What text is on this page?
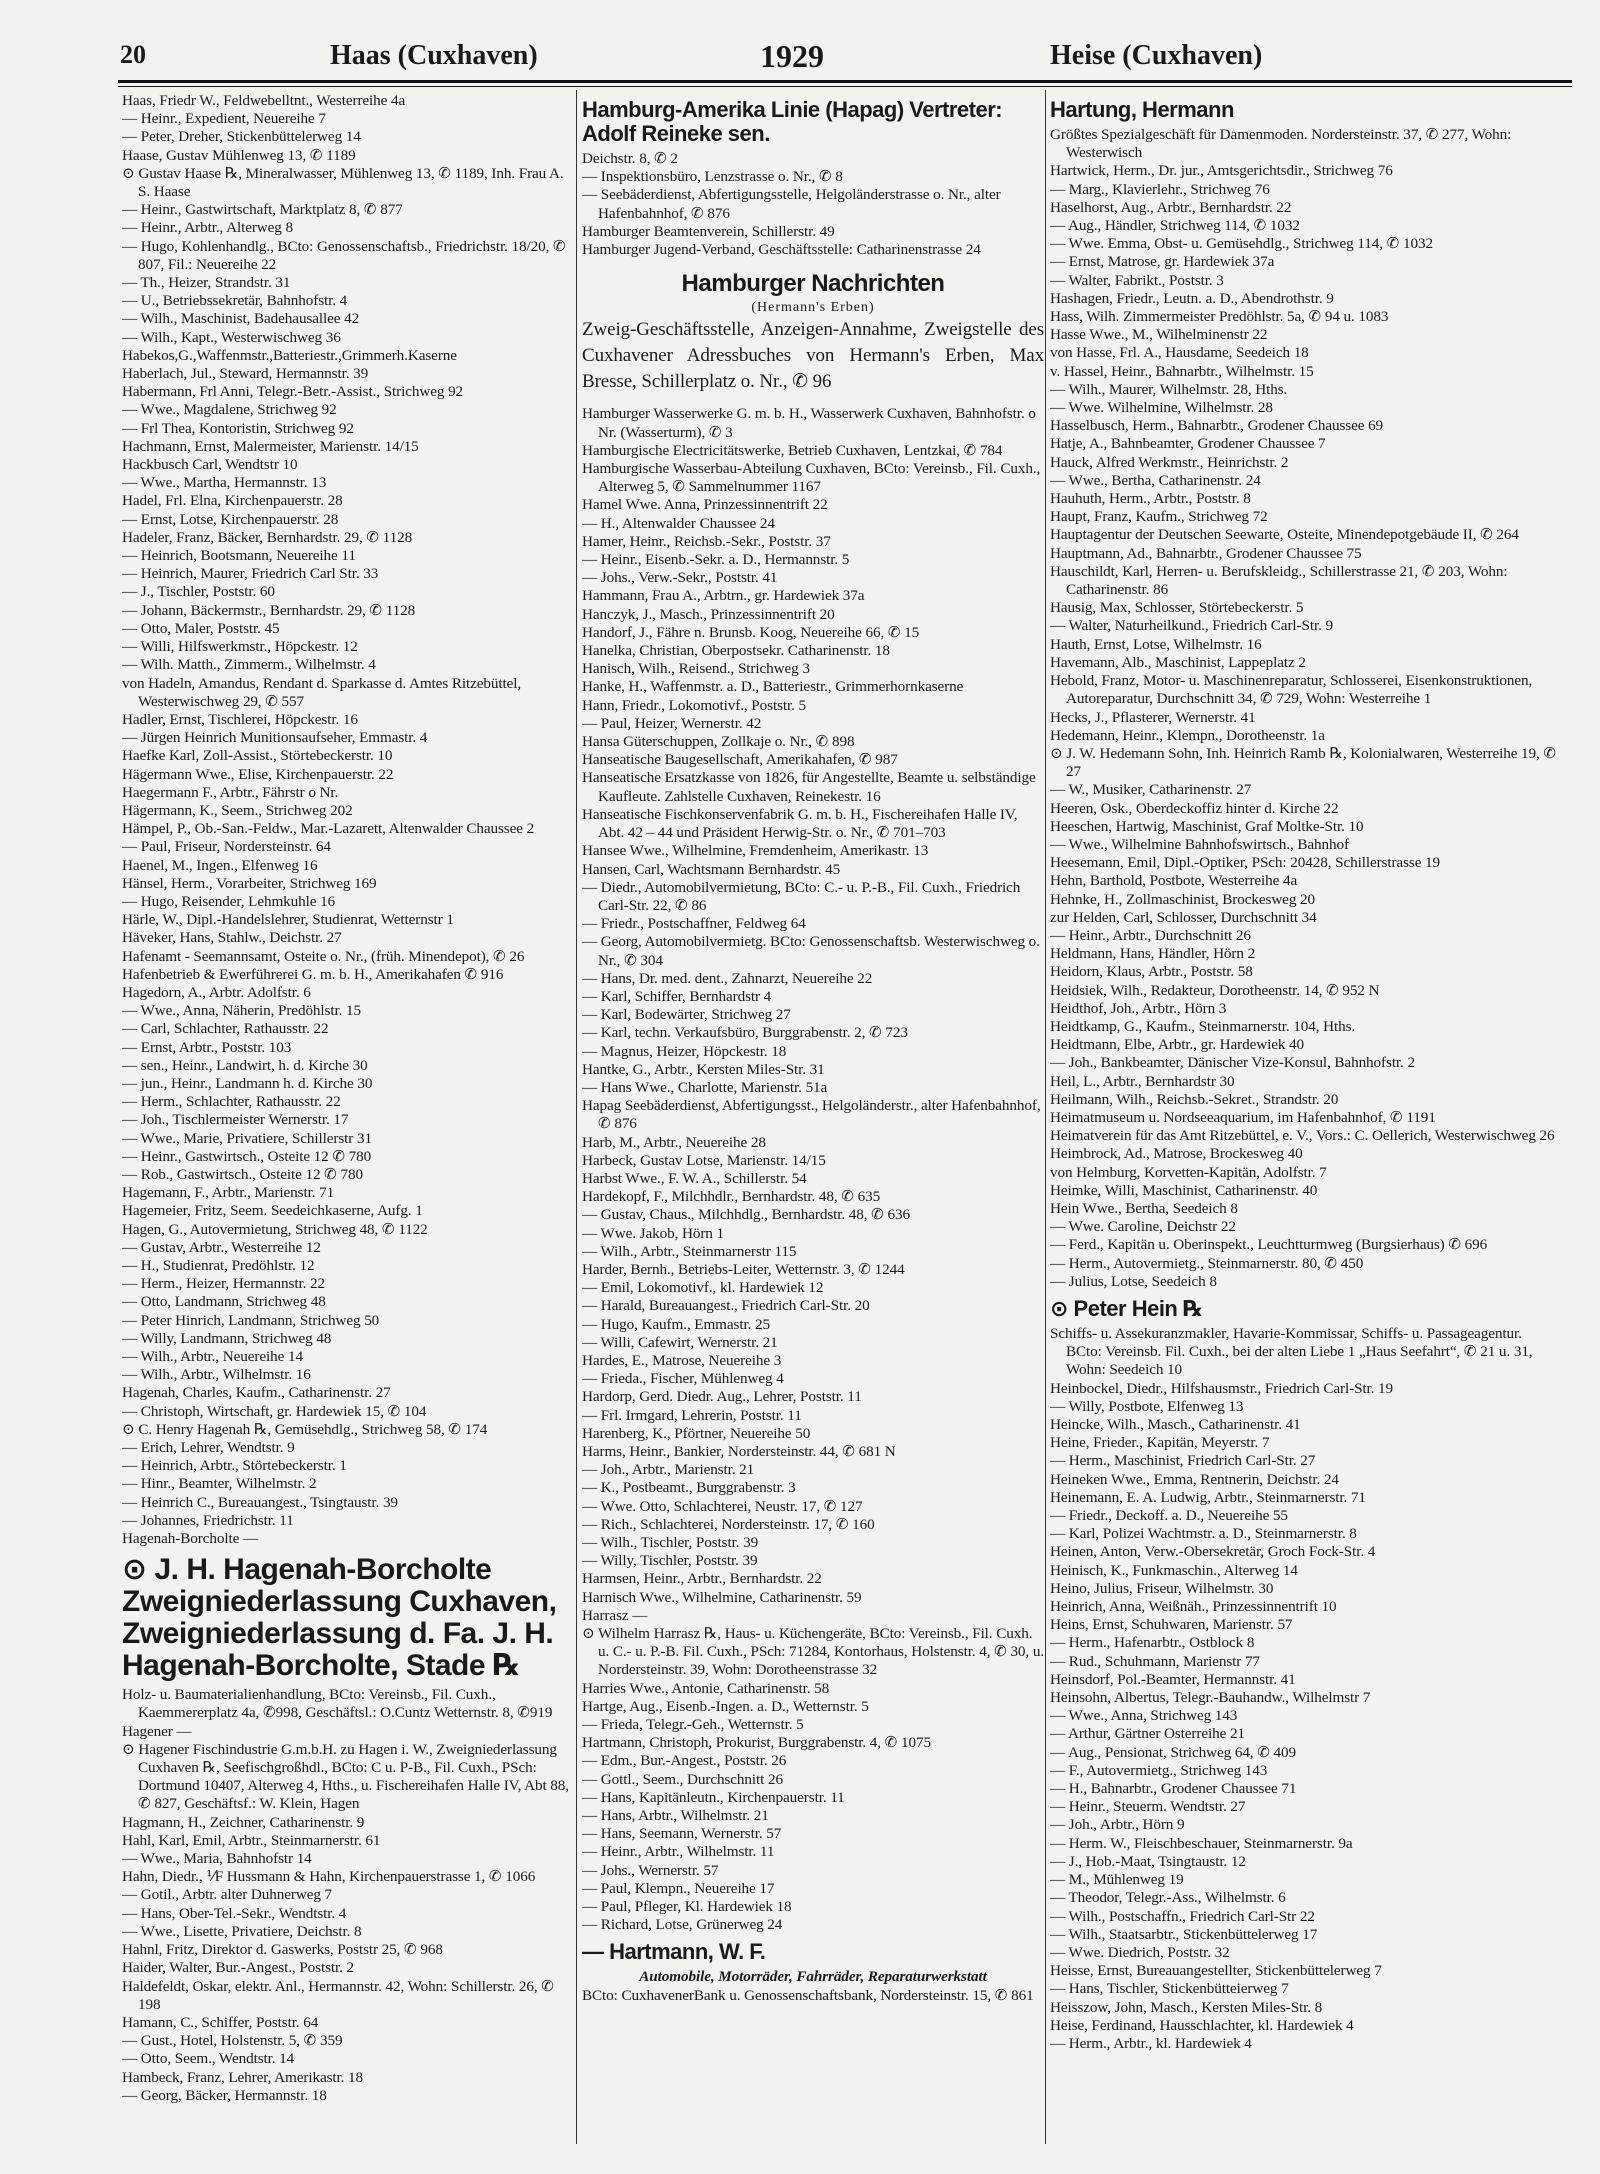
20	Haas (Cuxhaven)	1929	Heise (Cuxhaven)

Haas, Friedr W., Feldwebelltnt., Westerreihe 4a

— Heinr., Expedient, Neuereihe 7

— Peter, Dreher, Stickenbüttelerweg 14

Haase, Gustav Mühlenweg 13, ✆ 1189

⊙ Gustav Haase ℞, Mineralwasser, Mühlenweg 13, ✆ 1189, Inh. Frau A. S. Haase

— Heinr., Gastwirtschaft, Marktplatz 8, ✆ 877

— Heinr., Arbtr., Alterweg 8

— Hugo, Kohlenhandlg., BCto: Genossenschaftsb., Friedrichstr. 18/20, ✆ 807, Fil.: Neuereihe 22

— Th., Heizer, Strandstr. 31

— U., Betriebssekretär, Bahnhofstr. 4

— Wilh., Maschinist, Badehausallee 42

— Wilh., Kapt., Westerwischweg 36

Habekos,G.,Waffenmstr.,Batteriestr.,Grimmerh.Kaserne

Haberlach, Jul., Steward, Hermannstr. 39

Habermann, Frl Anni, Telegr.-Betr.-Assist., Strichweg 92

— Wwe., Magdalene, Strichweg 92

— Frl Thea, Kontoristin, Strichweg 92

Hachmann, Ernst, Malermeister, Marienstr. 14/15

Hackbusch Carl, Wendtstr 10

— Wwe., Martha, Hermannstr. 13

Hadel, Frl. Elna, Kirchenpauerstr. 28

— Ernst, Lotse, Kirchenpauerstr. 28

Hadeler, Franz, Bäcker, Bernhardstr. 29, ✆ 1128

— Heinrich, Bootsmann, Neuereihe 11

— Heinrich, Maurer, Friedrich Carl Str. 33

— J., Tischler, Poststr. 60

— Johann, Bäckermstr., Bernhardstr. 29, ✆ 1128

— Otto, Maler, Poststr. 45

— Willi, Hilfswerkmstr., Höpckestr. 12

— Wilh. Matth., Zimmerm., Wilhelmstr. 4

von Hadeln, Amandus, Rendant d. Sparkasse d. Amtes Ritzebüttel, Westerwischweg 29, ✆ 557

Hadler, Ernst, Tischlerei, Höpckestr. 16

— Jürgen Heinrich Munitionsaufseher, Emmastr. 4

Haefke Karl, Zoll-Assist., Störtebeckerstr. 10

Hägermann Wwe., Elise, Kirchenpauerstr. 22

Haegermann F., Arbtr., Fährstr o Nr.

Hägermann, K., Seem., Strichweg 202

Hämpel, P., Ob.-San.-Feldw., Mar.-Lazarett, Altenwalder Chaussee 2

— Paul, Friseur, Nordersteinstr. 64

Haenel, M., Ingen., Elfenweg 16

Hänsel, Herm., Vorarbeiter, Strichweg 169

— Hugo, Reisender, Lehmkuhle 16

Härle, W., Dipl.-Handelslehrer, Studienrat, Wetternstr 1

Häveker, Hans, Stahlw., Deichstr. 27

Hafenamt - Seemannsamt, Osteite o. Nr., (früh. Minendepot), ✆ 26

Hafenbetrieb & Ewerführerei G. m. b. H., Amerikahafen ✆ 916

Hagedorn, A., Arbtr. Adolfstr. 6

— Wwe., Anna, Näherin, Predöhlstr. 15

— Carl, Schlachter, Rathausstr. 22

— Ernst, Arbtr., Poststr. 103

— sen., Heinr., Landwirt, h. d. Kirche 30

— jun., Heinr., Landmann h. d. Kirche 30

— Herm., Schlachter, Rathausstr. 22

— Joh., Tischlermeister Wernerstr. 17

— Wwe., Marie, Privatiere, Schillerstr 31

— Heinr., Gastwirtsch., Osteite 12 ✆ 780

— Rob., Gastwirtsch., Osteite 12 ✆ 780

Hagemann, F., Arbtr., Marienstr. 71

Hagemeier, Fritz, Seem. Seedeichkaserne, Aufg. 1

Hagen, G., Autovermietung, Strichweg 48, ✆ 1122

— Gustav, Arbtr., Westerreihe 12

— H., Studienrat, Predöhlstr. 12

— Herm., Heizer, Hermannstr. 22

— Otto, Landmann, Strichweg 48

— Peter Hinrich, Landmann, Strichweg 50

— Willy, Landmann, Strichweg 48

— Wilh., Arbtr., Neuereihe 14

— Wilh., Arbtr., Wilhelmstr. 16

Hagenah, Charles, Kaufm., Catharinenstr. 27

— Christoph, Wirtschaft, gr. Hardewiek 15, ✆ 104

⊙ C. Henry Hagenah ℞, Gemüsehdlg., Strichweg 58, ✆ 174

— Erich, Lehrer, Wendtstr. 9

— Heinrich, Arbtr., Störtebeckerstr. 1

— Hinr., Beamter, Wilhelmstr. 2

— Heinrich C., Bureauangest., Tsingtaustr. 39

— Johannes, Friedrichstr. 11

Hagenah-Borcholte —

⊙ J. H. Hagenah-Borcholte Zweigniederlassung Cuxhaven, Zweigniederlassung d. Fa. J. H. Hagenah-Borcholte, Stade ℞

Holz- u. Baumaterialienhandlung, BCto: Vereinsb., Fil. Cuxh., Kaemmererplatz 4a, ✆998, Geschäftsl.: O.Cuntz Wetternstr. 8, ✆919

Hagener —

⊙ Hagener Fischindustrie G.m.b.H. zu Hagen i. W., Zweigniederlassung Cuxhaven ℞, Seefischgroßhdl., BCto: C u. P-B., Fil. Cuxh., PSch: Dortmund 10407, Alterweg 4, Hths., u. Fischereihafen Halle IV, Abt 88, ✆ 827, Geschäftsf.: W. Klein, Hagen

Hagmann, H., Zeichner, Catharinenstr. 9

Hahl, Karl, Emil, Arbtr., Steinmarnerstr. 61

— Wwe., Maria, Bahnhofstr 14

Hahn, Diedr., ⅟F Hussmann & Hahn, Kirchenpauerstrasse 1, ✆ 1066

— Gotil., Arbtr. alter Duhnerweg 7

— Hans, Ober-Tel.-Sekr., Wendtstr. 4

— Wwe., Lisette, Privatiere, Deichstr. 8

Hahnl, Fritz, Direktor d. Gaswerks, Poststr 25, ✆ 968

Haider, Walter, Bur.-Angest., Poststr. 2

Haldefeldt, Oskar, elektr. Anl., Hermannstr. 42, Wohn: Schillerstr. 26, ✆ 198

Hamann, C., Schiffer, Poststr. 64

— Gust., Hotel, Holstenstr. 5, ✆ 359

— Otto, Seem., Wendtstr. 14

Hambeck, Franz, Lehrer, Amerikastr. 18

— Georg, Bäcker, Hermannstr. 18

Hamburg-Amerika Linie (Hapag) Vertreter: Adolf Reineke sen.

Deichstr. 8, ✆ 2

— Inspektionsbüro, Lenzstrasse o. Nr., ✆ 8

— Seebäderdienst, Abfertigungsstelle, Helgoländerstrasse o. Nr., alter Hafenbahnhof, ✆ 876

Hamburger Beamtenverein, Schillerstr. 49

Hamburger Jugend-Verband, Geschäftsstelle: Catharinenstrasse 24

Hamburger Nachrichten
(Hermann's Erben)
Zweig-Geschäftsstelle, Anzeigen-Annahme, Zweigstelle des Cuxhavener Adressbuches von Hermann's Erben, Max Bresse, Schillerplatz o. Nr., ✆ 96

Hamburger Wasserwerke G. m. b. H., Wasserwerk Cuxhaven, Bahnhofstr. o Nr. (Wasserturm), ✆ 3

Hamburgische Electricitätswerke, Betrieb Cuxhaven, Lentzkai, ✆ 784

Hamburgische Wasserbau-Abteilung Cuxhaven, BCto: Vereinsb., Fil. Cuxh., Alterweg 5, ✆ Sammelnummer 1167

Hamel Wwe. Anna, Prinzessinnentrift 22

— H., Altenwalder Chaussee 24

Hamer, Heinr., Reichsb.-Sekr., Poststr. 37

— Heinr., Eisenb.-Sekr. a. D., Hermannstr. 5

— Johs., Verw.-Sekr., Poststr. 41

Hammann, Frau A., Arbtrn., gr. Hardewiek 37a

Hanczyk, J., Masch., Prinzessinnentrift 20

Handorf, J., Fähre n. Brunsb. Koog, Neuereihe 66, ✆ 15

Hanelka, Christian, Oberpostsekr. Catharinenstr. 18

Hanisch, Wilh., Reisend., Strichweg 3

Hanke, H., Waffenmstr. a. D., Batteriestr., Grimmerhornkaserne

Hann, Friedr., Lokomotivf., Poststr. 5

— Paul, Heizer, Wernerstr. 42

Hansa Güterschuppen, Zollkaje o. Nr., ✆ 898

Hanseatische Baugesellschaft, Amerikahafen, ✆ 987

Hanseatische Ersatzkasse von 1826, für Angestellte, Beamte u. selbständige Kaufleute. Zahlstelle Cuxhaven, Reinekestr. 16

Hanseatische Fischkonservenfabrik G. m. b. H., Fischereihafen Halle IV, Abt. 42 – 44 und Präsident Herwig-Str. o. Nr., ✆ 701–703

Hansee Wwe., Wilhelmine, Fremdenheim, Amerikastr. 13

Hansen, Carl, Wachtsmann Bernhardstr. 45

— Diedr., Automobilvermietung, BCto: C.- u. P.-B., Fil. Cuxh., Friedrich Carl-Str. 22, ✆ 86

— Friedr., Postschaffner, Feldweg 64

— Georg, Automobilvermietg. BCto: Genossenschaftsb. Westerwischweg o. Nr., ✆ 304

— Hans, Dr. med. dent., Zahnarzt, Neuereihe 22

— Karl, Schiffer, Bernhardstr 4

— Karl, Bodewärter, Strichweg 27

— Karl, techn. Verkaufsbüro, Burggrabenstr. 2, ✆ 723

— Magnus, Heizer, Höpckestr. 18

Hantke, G., Arbtr., Kersten Miles-Str. 31

— Hans Wwe., Charlotte, Marienstr. 51a

Hapag Seebäderdienst, Abfertigungsst., Helgoländerstr., alter Hafenbahnhof, ✆ 876

Harb, M., Arbtr., Neuereihe 28

Harbeck, Gustav Lotse, Marienstr. 14/15

Harbst Wwe., F. W. A., Schillerstr. 54

Hardekopf, F., Milchhdlr., Bernhardstr. 48, ✆ 635

— Gustav, Chaus., Milchhdlg., Bernhardstr. 48, ✆ 636

— Wwe. Jakob, Hörn 1

— Wilh., Arbtr., Steinmarnerstr 115

Harder, Bernh., Betriebs-Leiter, Wetternstr. 3, ✆ 1244

— Emil, Lokomotivf., kl. Hardewiek 12

— Harald, Bureauangest., Friedrich Carl-Str. 20

— Hugo, Kaufm., Emmastr. 25

— Willi, Cafewirt, Wernerstr. 21

Hardes, E., Matrose, Neuereihe 3

— Frieda., Fischer, Mühlenweg 4

Hardorp, Gerd. Diedr. Aug., Lehrer, Poststr. 11

— Frl. Irmgard, Lehrerin, Poststr. 11

Harenberg, K., Pförtner, Neuereihe 50

Harms, Heinr., Bankier, Nordersteinstr. 44, ✆ 681 N

— Joh., Arbtr., Marienstr. 21

— K., Postbeamt., Burggrabenstr. 3

— Wwe. Otto, Schlachterei, Neustr. 17, ✆ 127

— Rich., Schlachterei, Nordersteinstr. 17, ✆ 160

— Wilh., Tischler, Poststr. 39

— Willy, Tischler, Poststr. 39

Harmsen, Heinr., Arbtr., Bernhardstr. 22

Harnisch Wwe., Wilhelmine, Catharinenstr. 59

Harrasz —

⊙ Wilhelm Harrasz ℞, Haus- u. Küchengeräte, BCto: Vereinsb., Fil. Cuxh. u. C.- u. P.-B. Fil. Cuxh., PSch: 71284, Kontorhaus, Holstenstr. 4, ✆ 30, u. Nordersteinstr. 39, Wohn: Dorotheenstrasse 32

Harries Wwe., Antonie, Catharinenstr. 58

Hartge, Aug., Eisenb.-Ingen. a. D., Wetternstr. 5

— Frieda, Telegr.-Geh., Wetternstr. 5

Hartmann, Christoph, Prokurist, Burggrabenstr. 4, ✆ 1075

— Edm., Bur.-Angest., Poststr. 26

— Gottl., Seem., Durchschnitt 26

— Hans, Kapitänleutn., Kirchenpauerstr. 11

— Hans, Arbtr., Wilhelmstr. 21

— Hans, Seemann, Wernerstr. 57

— Heinr., Arbtr., Wilhelmstr. 11

— Johs., Wernerstr. 57

— Paul, Klempn., Neuereihe 17

— Paul, Pfleger, Kl. Hardewiek 18

— Richard, Lotse, Grünerweg 24

— Hartmann, W. F.
Automobile, Motorräder, Fahrräder, Reparaturwerkstatt

BCto: CuxhavenerBank u. Genossenschaftsbank, Nordersteinstr. 15, ✆ 861

Hartung, Hermann

Größtes Spezialgeschäft für Damenmoden. Nordersteinstr. 37, ✆ 277, Wohn: Westerwisch

Hartwick, Herm., Dr. jur., Amtsgerichtsdir., Strichweg 76

— Marg., Klavierlehr., Strichweg 76

Haselhorst, Aug., Arbtr., Bernhardstr. 22

— Aug., Händler, Strichweg 114, ✆ 1032

— Wwe. Emma, Obst- u. Gemüsehdlg., Strichweg 114, ✆ 1032

— Ernst, Matrose, gr. Hardewiek 37a

— Walter, Fabrikt., Poststr. 3

Hashagen, Friedr., Leutn. a. D., Abendrothstr. 9

Hass, Wilh. Zimmermeister Predöhlstr. 5a, ✆ 94 u. 1083

Hasse Wwe., M., Wilhelminenstr 22

von Hasse, Frl. A., Hausdame, Seedeich 18

v. Hassel, Heinr., Bahnarbtr., Wilhelmstr. 15

— Wilh., Maurer, Wilhelmstr. 28, Hths.

— Wwe. Wilhelmine, Wilhelmstr. 28

Hasselbusch, Herm., Bahnarbtr., Grodener Chaussee 69

Hatje, A., Bahnbeamter, Grodener Chaussee 7

Hauck, Alfred Werkmstr., Heinrichstr. 2

— Wwe., Bertha, Catharinenstr. 24

Hauhuth, Herm., Arbtr., Poststr. 8

Haupt, Franz, Kaufm., Strichweg 72

Hauptagentur der Deutschen Seewarte, Osteite, Minendepotgebäude II, ✆ 264

Hauptmann, Ad., Bahnarbtr., Grodener Chaussee 75

Hauschildt, Karl, Herren- u. Berufskleidg., Schillerstrasse 21, ✆ 203, Wohn: Catharinenstr. 86

Hausig, Max, Schlosser, Störtebeckerstr. 5

— Walter, Naturheilkund., Friedrich Carl-Str. 9

Hauth, Ernst, Lotse, Wilhelmstr. 16

Havemann, Alb., Maschinist, Lappeplatz 2

Hebold, Franz, Motor- u. Maschinenreparatur, Schlosserei, Eisenkonstruktionen, Autoreparatur, Durchschnitt 34, ✆ 729, Wohn: Westerreihe 1

Hecks, J., Pflasterer, Wernerstr. 41

Hedemann, Heinr., Klempn., Dorotheenstr. 1a

⊙ J. W. Hedemann Sohn, Inh. Heinrich Ramb ℞, Kolonialwaren, Westerreihe 19, ✆ 27

— W., Musiker, Catharinenstr. 27

Heeren, Osk., Oberdeckoffiz hinter d. Kirche 22

Heeschen, Hartwig, Maschinist, Graf Moltke-Str. 10

— Wwe., Wilhelmine Bahnhofswirtsch., Bahnhof

Heesemann, Emil, Dipl.-Optiker, PSch: 20428, Schillerstrasse 19

Hehn, Barthold, Postbote, Westerreihe 4a

Hehnke, H., Zollmaschinist, Brockesweg 20

zur Helden, Carl, Schlosser, Durchschnitt 34

— Heinr., Arbtr., Durchschnitt 26

Heldmann, Hans, Händler, Hörn 2

Heidorn, Klaus, Arbtr., Poststr. 58

Heidsiek, Wilh., Redakteur, Dorotheenstr. 14, ✆ 952 N

Heidthof, Joh., Arbtr., Hörn 3

Heidtkamp, G., Kaufm., Steinmarnerstr. 104, Hths.

Heidtmann, Elbe, Arbtr., gr. Hardewiek 40

— Joh., Bankbeamter, Dänischer Vize-Konsul, Bahnhofstr. 2

Heil, L., Arbtr., Bernhardstr 30

Heilmann, Wilh., Reichsb.-Sekret., Strandstr. 20

Heimatmuseum u. Nordseeaquarium, im Hafenbahnhof, ✆ 1191

Heimatverein für das Amt Ritzebüttel, e. V., Vors.: C. Oellerich, Westerwischweg 26

Heimbrock, Ad., Matrose, Brockesweg 40

von Helmburg, Korvetten-Kapitän, Adolfstr. 7

Heimke, Willi, Maschinist, Catharinenstr. 40

Hein Wwe., Bertha, Seedeich 8

— Wwe. Caroline, Deichstr 22

— Ferd., Kapitän u. Oberinspekt., Leuchtturmweg (Burgsierhaus) ✆ 696

— Herm., Autovermietg., Steinmarnerstr. 80, ✆ 450

— Julius, Lotse, Seedeich 8

⊙ Peter Hein ℞

Schiffs- u. Assekuranzmakler, Havarie-Kommissar, Schiffs- u. Passageagentur. BCto: Vereinsb. Fil. Cuxh., bei der alten Liebe 1 „Haus Seefahrt“, ✆ 21 u. 31, Wohn: Seedeich 10

Heinbockel, Diedr., Hilfshausmstr., Friedrich Carl-Str. 19

— Willy, Postbote, Elfenweg 13

Heincke, Wilh., Masch., Catharinenstr. 41

Heine, Frieder., Kapitän, Meyerstr. 7

— Herm., Maschinist, Friedrich Carl-Str. 27

Heineken Wwe., Emma, Rentnerin, Deichstr. 24

Heinemann, E. A. Ludwig, Arbtr., Steinmarnerstr. 71

— Friedr., Deckoff. a. D., Neuereihe 55

— Karl, Polizei Wachtmstr. a. D., Steinmarnerstr. 8

Heinen, Anton, Verw.-Obersekretär, Groch Fock-Str. 4

Heinisch, K., Funkmaschin., Alterweg 14

Heino, Julius, Friseur, Wilhelmstr. 30

Heinrich, Anna, Weißnäh., Prinzessinnentrift 10

Heins, Ernst, Schuhwaren, Marienstr. 57

— Herm., Hafenarbtr., Ostblock 8

— Rud., Schuhmann, Marienstr 77

Heinsdorf, Pol.-Beamter, Hermannstr. 41

Heinsohn, Albertus, Telegr.-Bauhandw., Wilhelmstr 7

— Wwe., Anna, Strichweg 143

— Arthur, Gärtner Osterreihe 21

— Aug., Pensionat, Strichweg 64, ✆ 409

— F., Autovermietg., Strichweg 143

— H., Bahnarbtr., Grodener Chaussee 71

— Heinr., Steuerm. Wendtstr. 27

— Joh., Arbtr., Hörn 9

— Herm. W., Fleischbeschauer, Steinmarnerstr. 9a

— J., Hob.-Maat, Tsingtaustr. 12

— M., Mühlenweg 19

— Theodor, Telegr.-Ass., Wilhelmstr. 6

— Wilh., Postschaffn., Friedrich Carl-Str 22

— Wilh., Staatsarbtr., Stickenbüttelerweg 17

— Wwe. Diedrich, Poststr. 32

Heisse, Ernst, Bureauangestellter, Stickenbüttelerweg 7

— Hans, Tischler, Stickenbütteierweg 7

Heisszow, John, Masch., Kersten Miles-Str. 8

Heise, Ferdinand, Hausschlachter, kl. Hardewiek 4

— Herm., Arbtr., kl. Hardewiek 4
